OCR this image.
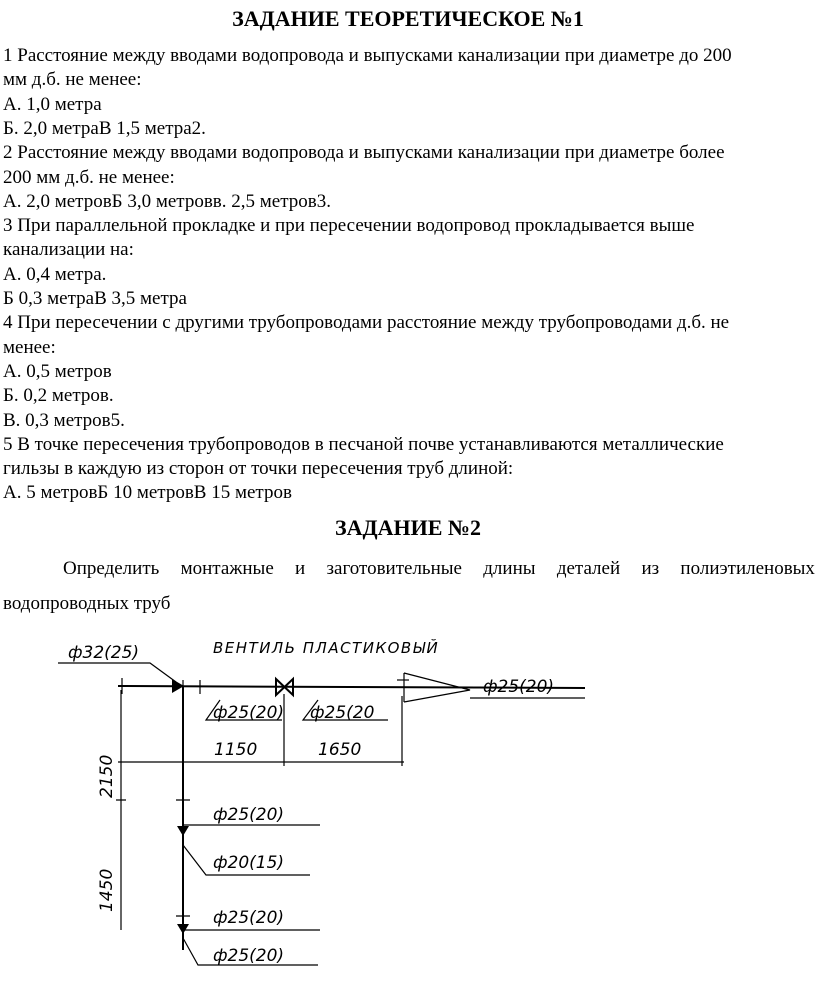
ЗАДАНИЕ ТЕОРЕТИЧЕСКОЕ №1
1 Расстояние между вводами водопровода и выпусками канализации при диаметре до 200
мм д.б. не менее:
А. 1,0 метра
Б. 2,0 метраВ 1,5 метра2.
2 Расстояние между вводами водопровода и выпусками канализации при диаметре более
200 мм д.б. не менее:
А. 2,0 метровБ 3,0 метровв. 2,5 метров3.
3 При параллельной прокладке и при пересечении водопровод прокладывается выше
канализации на:
А. 0,4 метра.
Б 0,3 метраВ 3,5 метра
4 При пересечении с другими трубопроводами расстояние между трубопроводами д.б. не
менее:
А. 0,5 метров
Б. 0,2 метров.
В. 0,3 метров5.
5 В точке пересечения трубопроводов в песчаной почве устанавливаются металлические
гильзы в каждую из сторон от точки пересечения труб длиной:
А. 5 метровБ 10 метровВ 15 метров
ЗАДАНИЕ №2
Определить монтажные и заготовительные длины деталей из полиэтиленовых
водопроводных труб
ВЕНТИЛЬ ПЛАСТИКОВЫЙ
ф32(25)
ф25(20)
ф25(20) ф25(20
1150	1650
2150
1450
ф25(20)
ф20(15)
ф25(20)
ф25(20)
